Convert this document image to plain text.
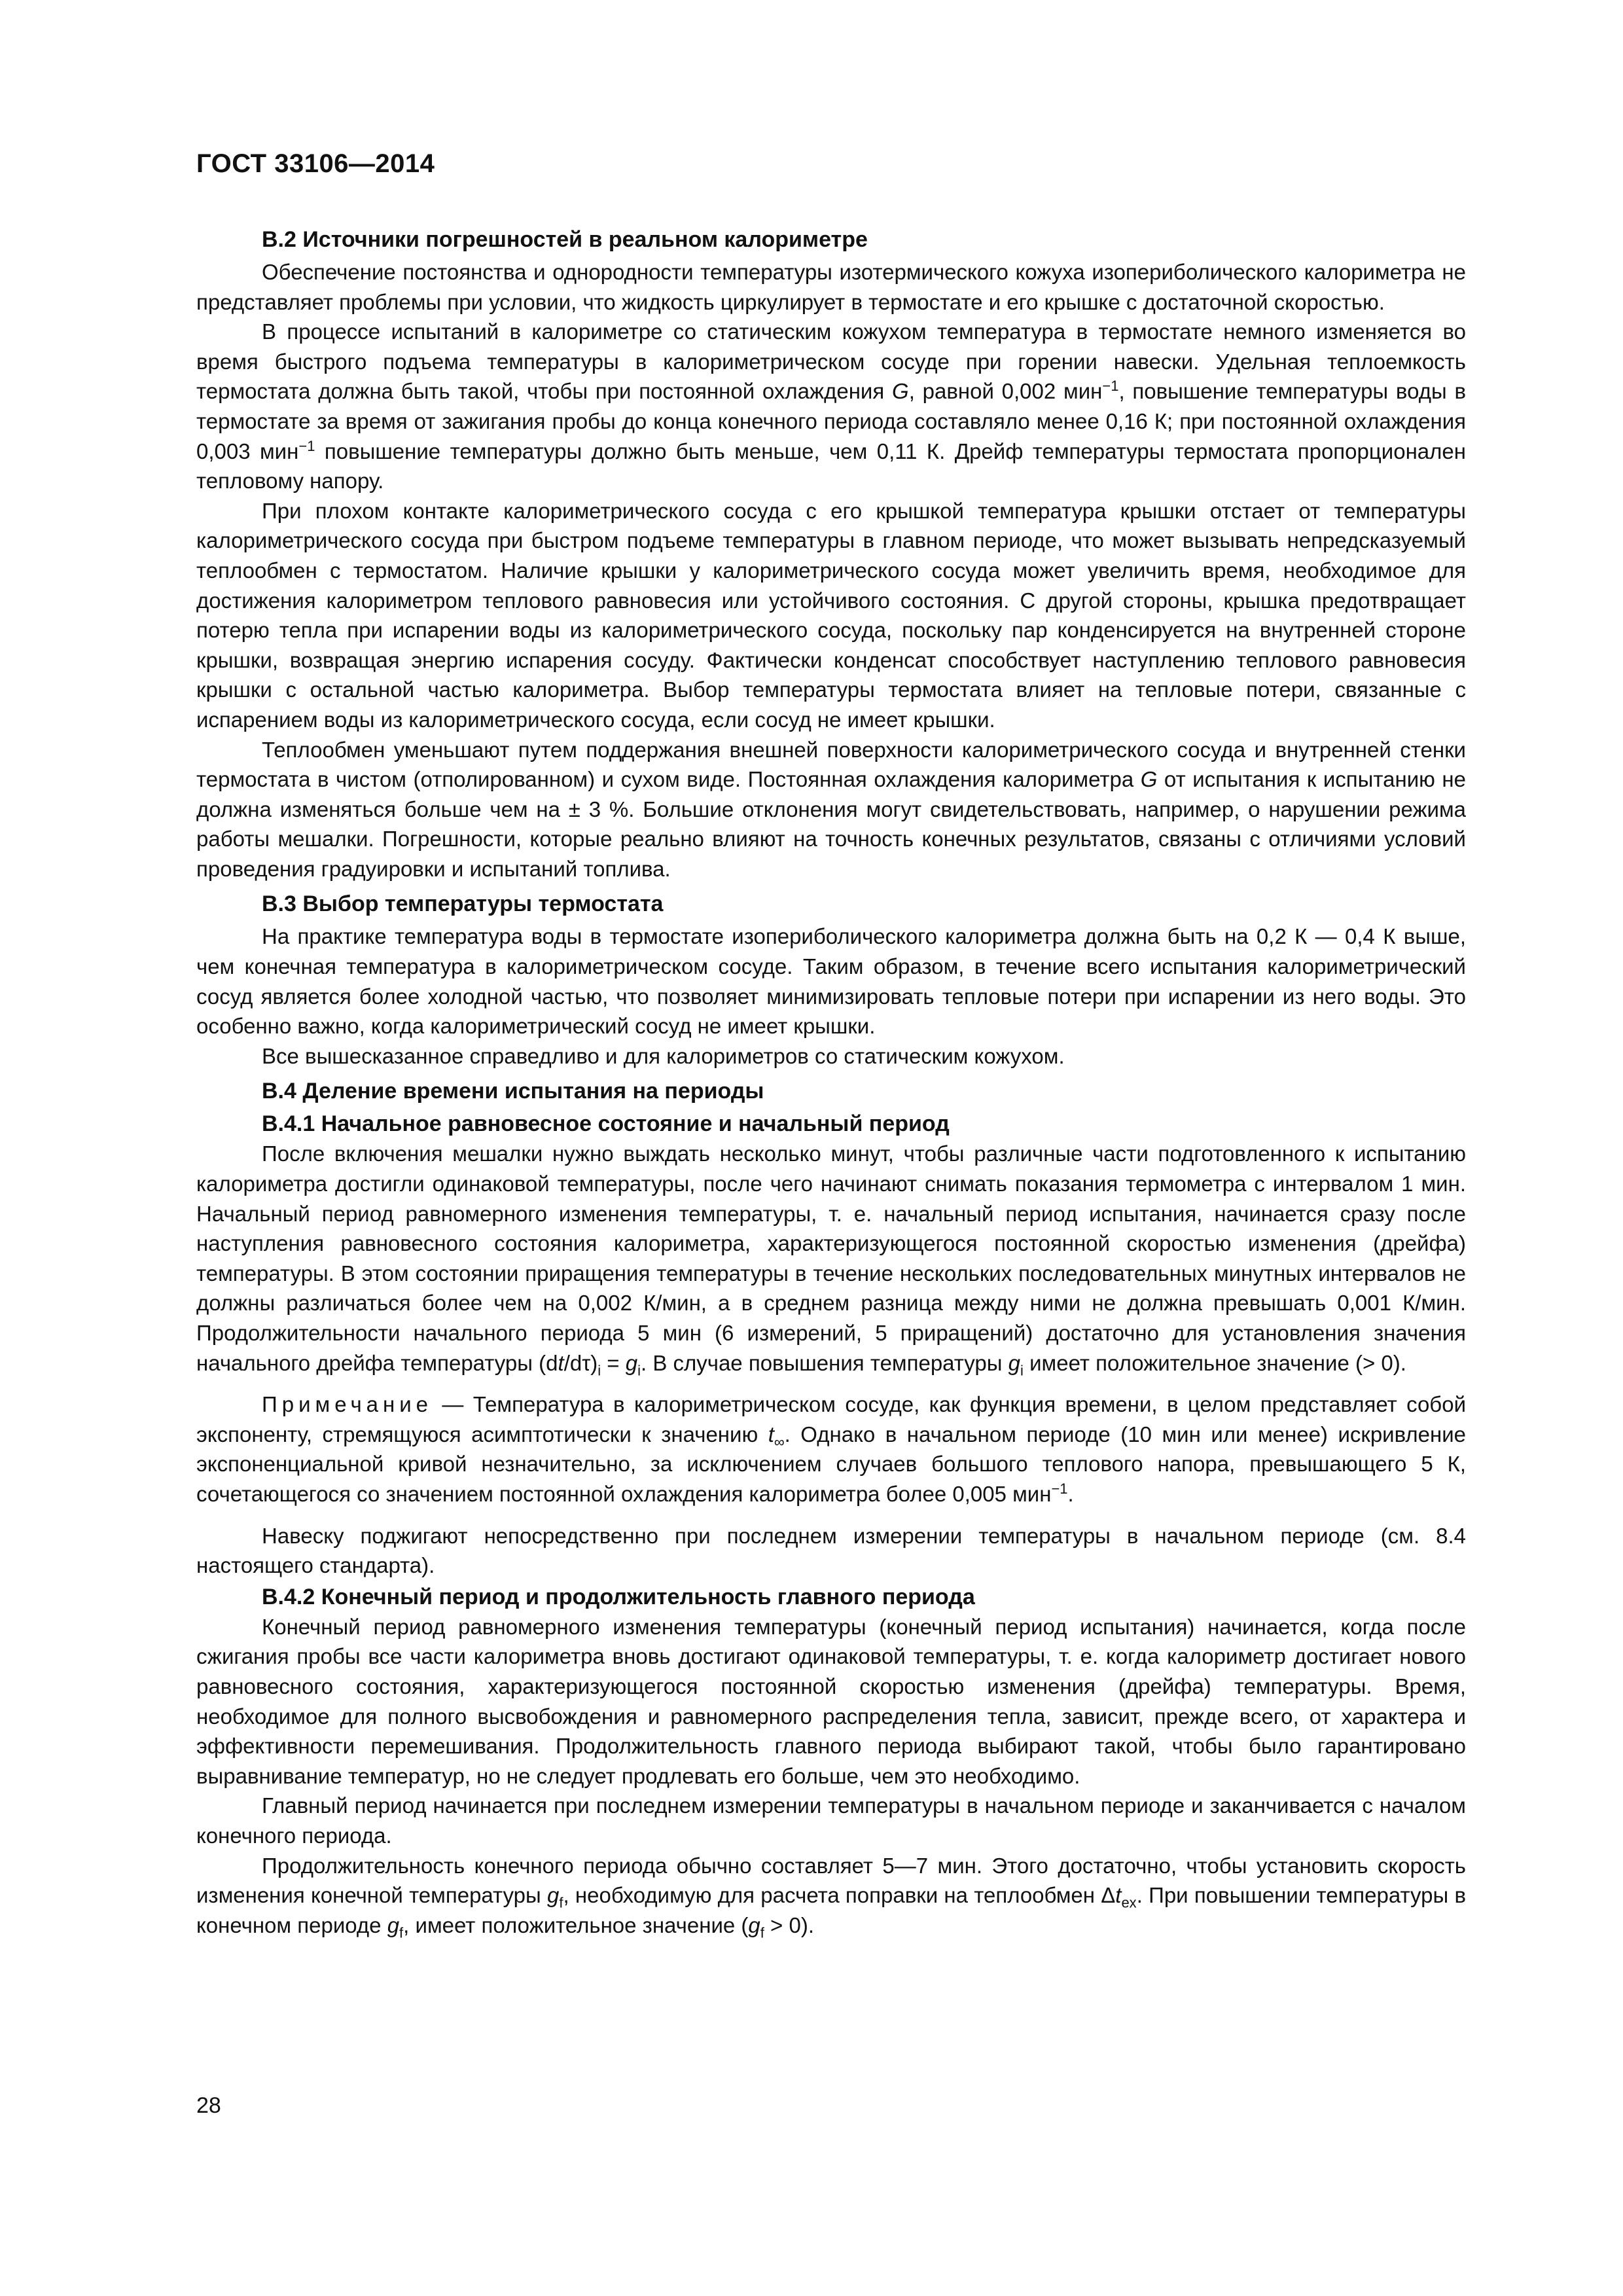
ГОСТ 33106—2014
В.2 Источники погрешностей в реальном калориметре

Обеспечение постоянства и однородности температуры изотермического кожуха изопериболического калориметра не представляет проблемы при условии, что жидкость циркулирует в термостате и его крышке с достаточной скоростью.

В процессе испытаний в калориметре со статическим кожухом температура в термостате немного изменяется во время быстрого подъема температуры в калориметрическом сосуде при горении навески. Удельная теплоемкость термостата должна быть такой, чтобы при постоянной охлаждения G, равной 0,002 мин$^{-1}$, повышение температуры воды в термостате за время от зажигания пробы до конца конечного периода составляло менее 0,16 К; при постоянной охлаждения 0,003 мин$^{-1}$ повышение температуры должно быть меньше, чем 0,11 К. Дрейф температуры термостата пропорционален тепловому напору.

При плохом контакте калориметрического сосуда с его крышкой температура крышки отстает от температуры калориметрического сосуда при быстром подъеме температуры в главном периоде, что может вызывать непредсказуемый теплообмен с термостатом. Наличие крышки у калориметрического сосуда может увеличить время, необходимое для достижения калориметром теплового равновесия или устойчивого состояния. С другой стороны, крышка предотвращает потерю тепла при испарении воды из калориметрического сосуда, поскольку пар конденсируется на внутренней стороне крышки, возвращая энергию испарения сосуду. Фактически конденсат способствует наступлению теплового равновесия крышки с остальной частью калориметра. Выбор температуры термостата влияет на тепловые потери, связанные с испарением воды из калориметрического сосуда, если сосуд не имеет крышки.

Теплообмен уменьшают путем поддержания внешней поверхности калориметрического сосуда и внутренней стенки термостата в чистом (отполированном) и сухом виде. Постоянная охлаждения калориметра G от испытания к испытанию не должна изменяться больше чем на ± 3 %. Большие отклонения могут свидетельствовать, например, о нарушении режима работы мешалки. Погрешности, которые реально влияют на точность конечных результатов, связаны с отличиями условий проведения градуировки и испытаний топлива.

В.3 Выбор температуры термостата

На практике температура воды в термостате изопериболического калориметра должна быть на 0,2 К — 0,4 К выше, чем конечная температура в калориметрическом сосуде. Таким образом, в течение всего испытания калориметрический сосуд является более холодной частью, что позволяет минимизировать тепловые потери при испарении из него воды. Это особенно важно, когда калориметрический сосуд не имеет крышки.

Все вышесказанное справедливо и для калориметров со статическим кожухом.

В.4 Деление времени испытания на периоды
В.4.1 Начальное равновесное состояние и начальный период

После включения мешалки нужно выждать несколько минут, чтобы различные части подготовленного к испытанию калориметра достигли одинаковой температуры, после чего начинают снимать показания термометра с интервалом 1 мин. Начальный период равномерного изменения температуры, т. е. начальный период испытания, начинается сразу после наступления равновесного состояния калориметра, характеризующегося постоянной скоростью изменения (дрейфа) температуры. В этом состоянии приращения температуры в течение нескольких последовательных минутных интервалов не должны различаться более чем на 0,002 К/мин, а в среднем разница между ними не должна превышать 0,001 К/мин. Продолжительности начального периода 5 мин (6 измерений, 5 приращений) достаточно для установления значения начального дрейфа температуры $(dt/d\tau)_i = g_i$. В случае повышения температуры $g_i$ имеет положительное значение (> 0).

Примечание — Температура в калориметрическом сосуде, как функция времени, в целом представляет собой экспоненту, стремящуюся асимптотически к значению $t_\infty$. Однако в начальном периоде (10 мин или менее) искривление экспоненциальной кривой незначительно, за исключением случаев большого теплового напора, превышающего 5 К, сочетающегося со значением постоянной охлаждения калориметра более 0,005 мин$^{-1}$.

Навеску поджигают непосредственно при последнем измерении температуры в начальном периоде (см. 8.4 настоящего стандарта).

В.4.2 Конечный период и продолжительность главного периода

Конечный период равномерного изменения температуры (конечный период испытания) начинается, когда после сжигания пробы все части калориметра вновь достигают одинаковой температуры, т. е. когда калориметр достигает нового равновесного состояния, характеризующегося постоянной скоростью изменения (дрейфа) температуры. Время, необходимое для полного высвобождения и равномерного распределения тепла, зависит, прежде всего, от характера и эффективности перемешивания. Продолжительность главного периода выбирают такой, чтобы было гарантировано выравнивание температур, но не следует продлевать его больше, чем это необходимо.

Главный период начинается при последнем измерении температуры в начальном периоде и заканчивается с началом конечного периода.

Продолжительность конечного периода обычно составляет 5—7 мин. Этого достаточно, чтобы установить скорость изменения конечной температуры $g_f$, необходимую для расчета поправки на теплообмен $\Delta t_{ex}$. При повышении температуры в конечном периоде $g_f$, имеет положительное значение $(g_f > 0)$.

28
